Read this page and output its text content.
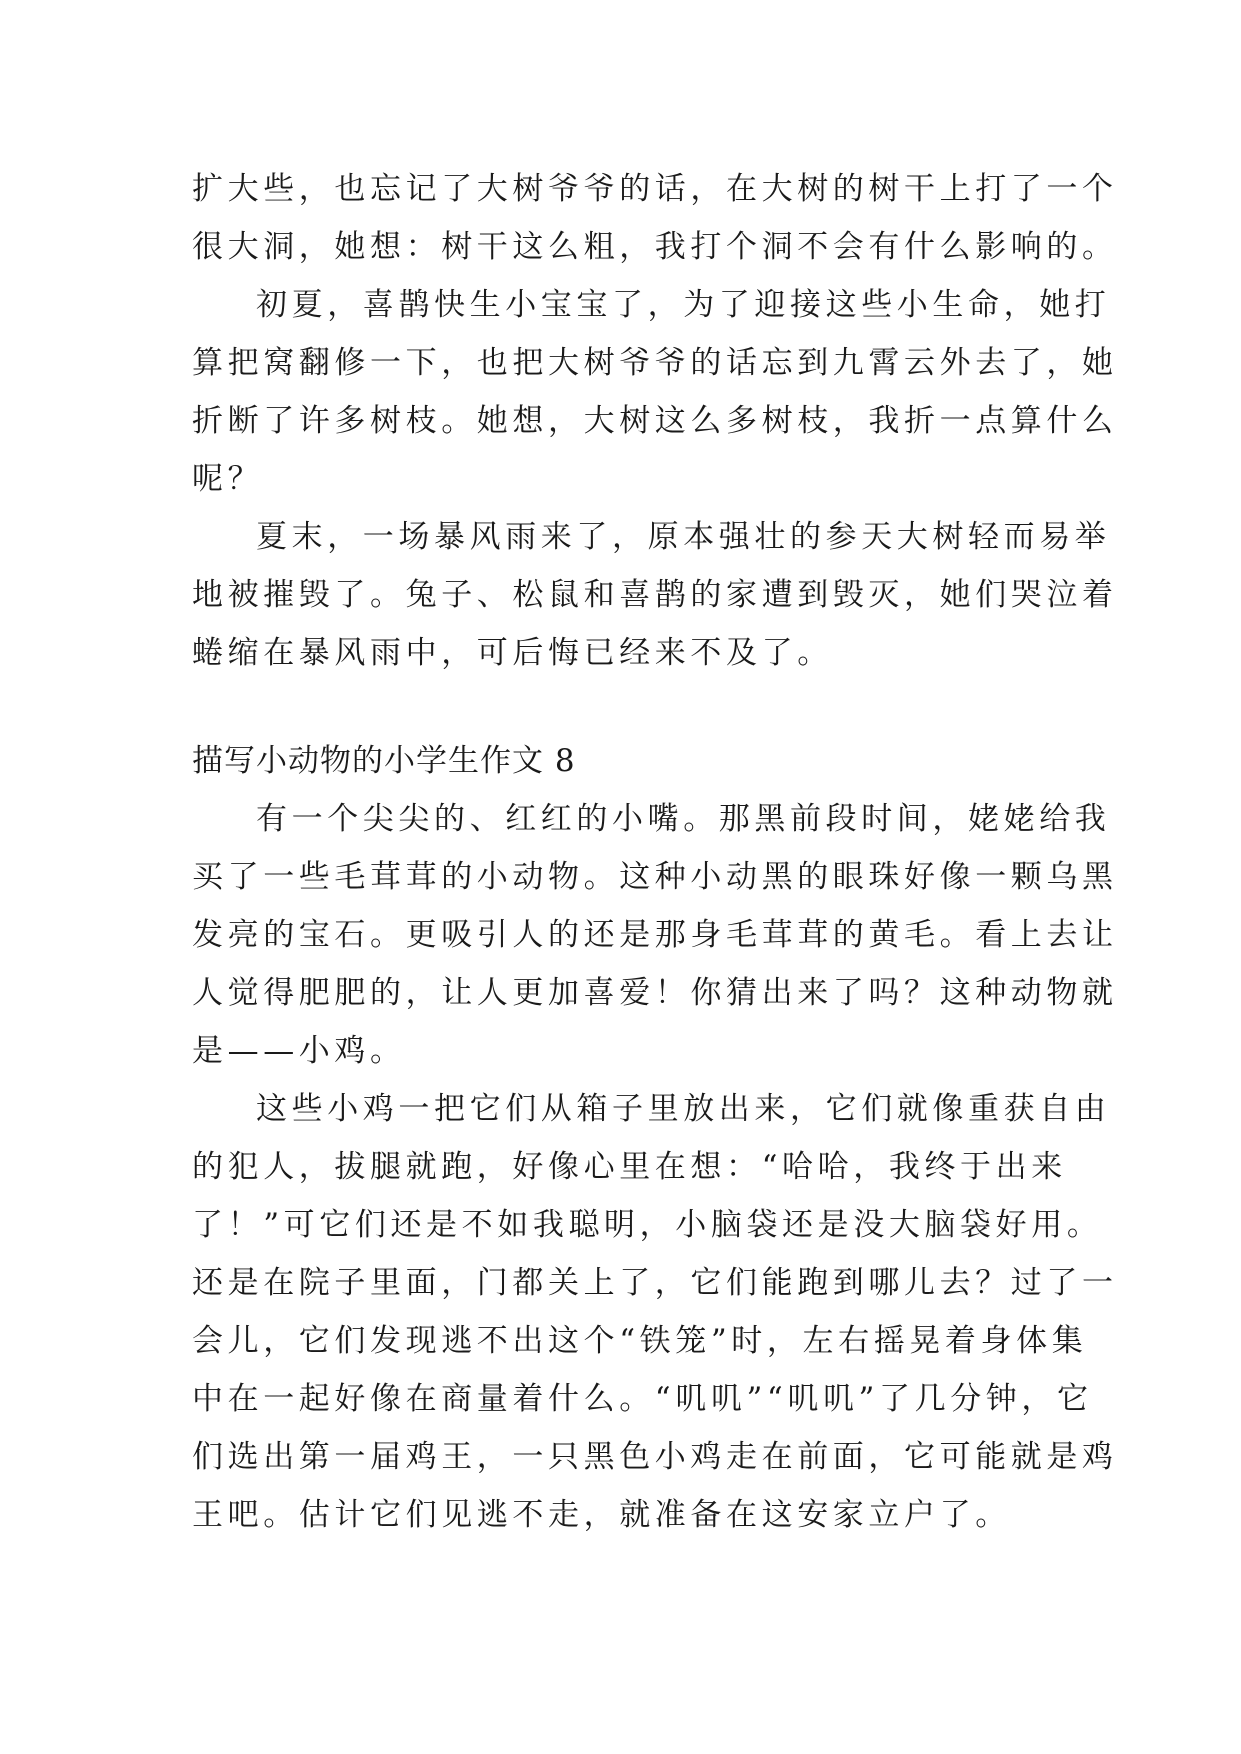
扩大些，也忘记了大树爷爷的话，在大树的树干上打了一个
很大洞，她想：树干这么粗，我打个洞不会有什么影响的。
初夏，喜鹊快生小宝宝了，为了迎接这些小生命，她打
算把窝翻修一下，也把大树爷爷的话忘到九霄云外去了，她
折断了许多树枝。她想，大树这么多树枝，我折一点算什么
呢？
夏末，一场暴风雨来了，原本强壮的参天大树轻而易举
地被摧毁了。兔子、松鼠和喜鹊的家遭到毁灭，她们哭泣着
蜷缩在暴风雨中，可后悔已经来不及了。
描写小动物的小学生作文 8
有一个尖尖的、红红的小嘴。那黑前段时间，姥姥给我
买了一些毛茸茸的小动物。这种小动黑的眼珠好像一颗乌黑
发亮的宝石。更吸引人的还是那身毛茸茸的黄毛。看上去让
人觉得肥肥的，让人更加喜爱！你猜出来了吗？这种动物就
是——小鸡。
这些小鸡一把它们从箱子里放出来，它们就像重获自由
的犯人，拔腿就跑，好像心里在想：“哈哈，我终于出来
了！”可它们还是不如我聪明，小脑袋还是没大脑袋好用。
还是在院子里面，门都关上了，它们能跑到哪儿去？过了一
会儿，它们发现逃不出这个“铁笼”时，左右摇晃着身体集
中在一起好像在商量着什么。“叽叽”“叽叽”了几分钟，它
们选出第一届鸡王，一只黑色小鸡走在前面，它可能就是鸡
王吧。估计它们见逃不走，就准备在这安家立户了。
